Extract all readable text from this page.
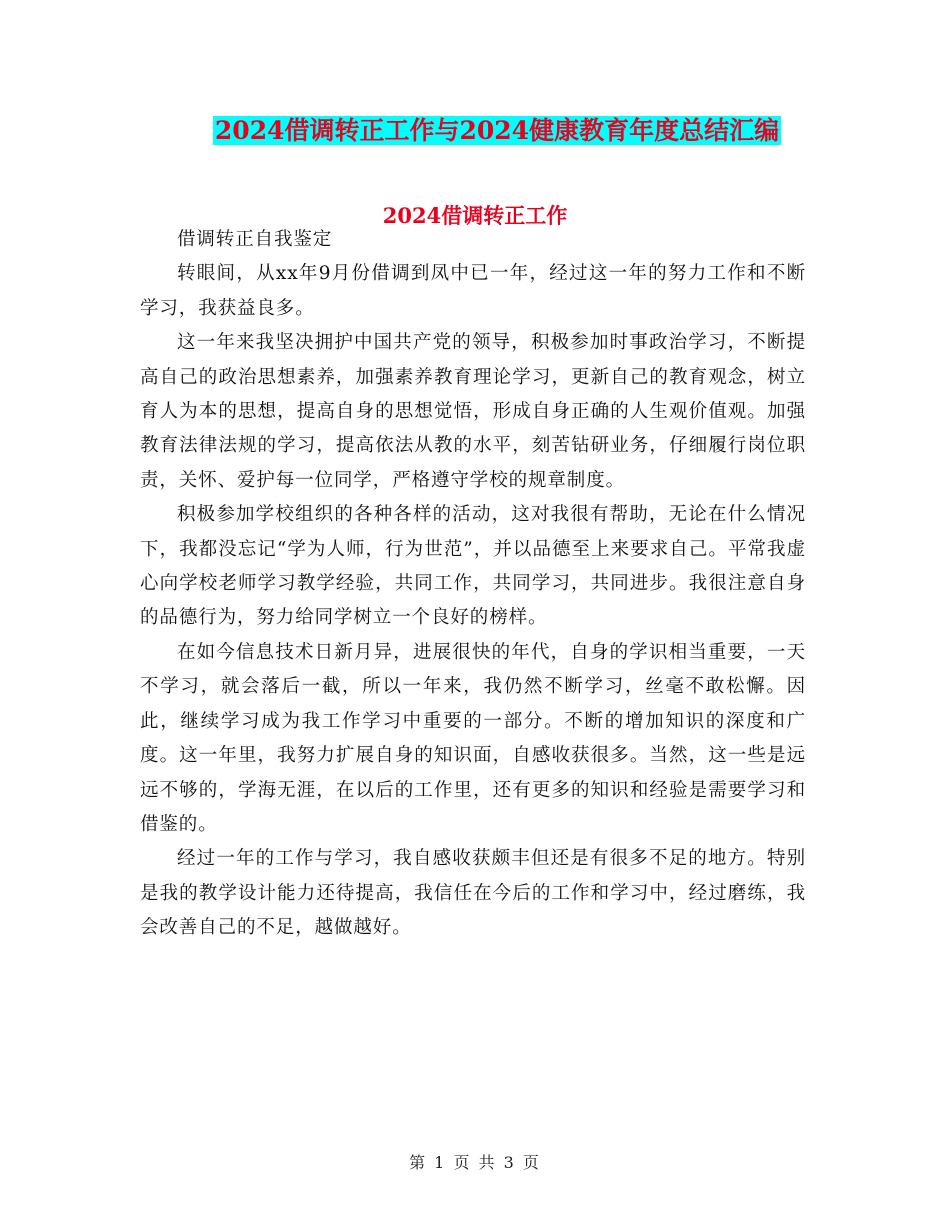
2024借调转正工作与2024健康教育年度总结汇编
2024借调转正工作

借调转正自我鉴定

转眼间，从xx年9月份借调到凤中已一年，经过这一年的努力工作和不断学习，我获益良多。

这一年来我坚决拥护中国共产党的领导，积极参加时事政治学习，不断提高自己的政治思想素养，加强素养教育理论学习，更新自己的教育观念，树立育人为本的思想，提高自身的思想觉悟，形成自身正确的人生观价值观。加强教育法律法规的学习，提高依法从教的水平，刻苦钻研业务，仔细履行岗位职责，关怀、爱护每一位同学，严格遵守学校的规章制度。

积极参加学校组织的各种各样的活动，这对我很有帮助，无论在什么情况下，我都没忘记“学为人师，行为世范”，并以品德至上来要求自己。平常我虚心向学校老师学习教学经验，共同工作，共同学习，共同进步。我很注意自身的品德行为，努力给同学树立一个良好的榜样。

在如今信息技术日新月异，进展很快的年代，自身的学识相当重要，一天不学习，就会落后一截，所以一年来，我仍然不断学习，丝毫不敢松懈。因此，继续学习成为我工作学习中重要的一部分。不断的增加知识的深度和广度。这一年里，我努力扩展自身的知识面，自感收获很多。当然，这一些是远远不够的，学海无涯，在以后的工作里，还有更多的知识和经验是需要学习和借鉴的。

经过一年的工作与学习，我自感收获颇丰但还是有很多不足的地方。特别是我的教学设计能力还待提高，我信任在今后的工作和学习中，经过磨练，我会改善自己的不足，越做越好。

第 1 页 共 3 页
